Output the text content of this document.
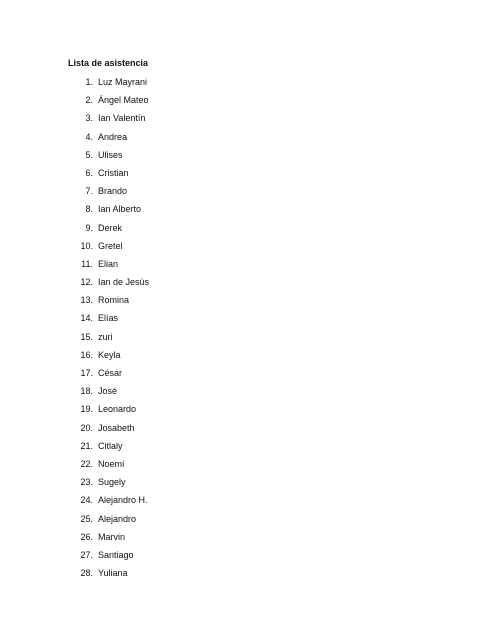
Lista de asistencia
1. Luz Mayrani
2. Ángel Mateo
3. Ian Valentín
4. Andrea
5. Ulises
6. Cristian
7. Brando
8. Ian Alberto
9. Derek
10. Gretel
11. Elian
12. Ian de Jesús
13. Romina
14. Elías
15. zuri
16. Keyla
17. César
18. José
19. Leonardo
20. Josabeth
21. Citlaly
22. Noemí
23. Sugely
24. Alejandro H.
25. Alejandro
26. Marvin
27. Santiago
28. Yuliana
